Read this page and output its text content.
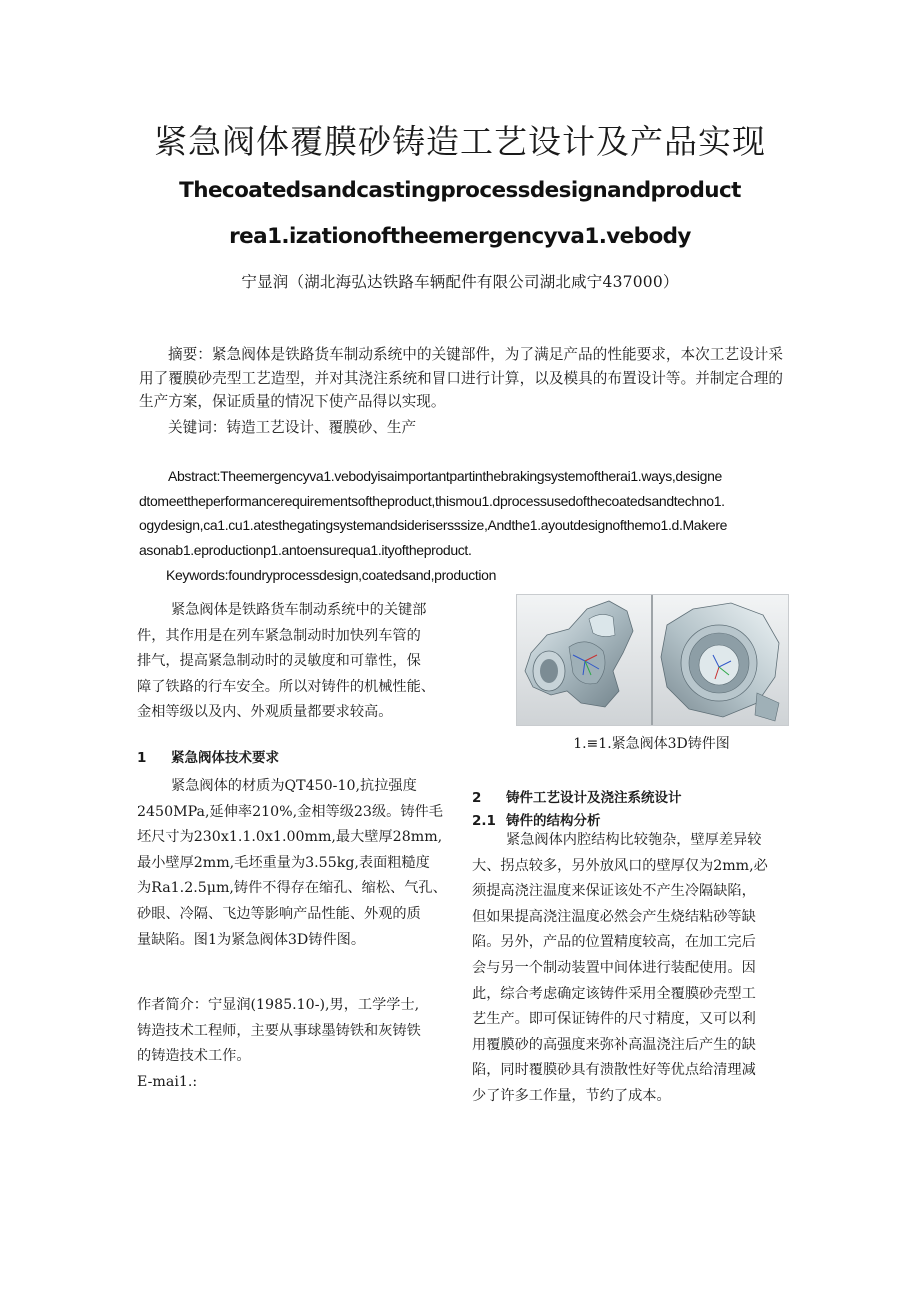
紧急阀体覆膜砂铸造工艺设计及产品实现
Thecoatedsandcastingprocessdesignandproduct
rea1.izationoftheemergencyva1.vebody
宁显润（湖北海弘达铁路车辆配件有限公司湖北咸宁437000）
摘要：紧急阀体是铁路货车制动系统中的关键部件，为了满足产品的性能要求，本次工艺设计采用了覆膜砂壳型工艺造型，并对其浇注系统和冒口进行计算，以及模具的布置设计等。并制定合理的生产方案，保证质量的情况下使产品得以实现。
关键词：铸造工艺设计、覆膜砂、生产
Abstract:Theemergencyva1.vebodyisaimportantpartinthebrakingsystemoftherai1.ways,designe
dtomeettheperformancerequirementsoftheproduct,thismou1.dprocessusedofthecoatedsandtechno1.
ogydesign,ca1.cu1.atesthegatingsystemandsiderisersssize,Andthe1.ayoutdesignofthemo1.d.Makere
asonab1.eproductionp1.antoensurequa1.ityoftheproduct.
Keywords:foundryprocessdesign,coatedsand,production
紧急阀体是铁路货车制动系统中的关键部
件，其作用是在列车紧急制动时加快列车管的
排气，提高紧急制动时的灵敏度和可靠性，保
障了铁路的行车安全。所以对铸件的机械性能、
金相等级以及内、外观质量都要求较高。
1 紧急阀体技术要求
紧急阀体的材质为QT450-10,抗拉强度
2450MPa,延伸率210%,金相等级23级。铸件毛
坯尺寸为230x1.1.0x1.00mm,最大壁厚28mm,
最小壁厚2mm,毛坯重量为3.55kg,表面粗糙度
为Ra1.2.5μm,铸件不得存在缩孔、缩松、气孔、
砂眼、冷隔、飞边等影响产品性能、外观的质
量缺陷。图1为紧急阀体3D铸件图。
作者简介：宁显润(1985.10-),男，工学学士,
铸造技术工程师，主要从事球墨铸铁和灰铸铁
的铸造技术工作。
E-mai1.:
1.≡1.紧急阀体3D铸件图
2 铸件工艺设计及浇注系统设计
2.1 铸件的结构分析
紧急阀体内腔结构比较匏杂，壁厚差异较
大、拐点较多，另外放风口的壁厚仅为2mm,必
须提高浇注温度来保证该处不产生冷隔缺陷，
但如果提高浇注温度必然会产生烧结粘砂等缺
陷。另外，产品的位置精度较高，在加工完后
会与另一个制动装置中间体进行装配使用。因
此，综合考虑确定该铸件采用全覆膜砂壳型工
艺生产。即可保证铸件的尺寸精度，又可以利
用覆膜砂的高强度来弥补高温浇注后产生的缺
陷，同时覆膜砂具有溃散性好等优点给清理减
少了许多工作量，节约了成本。
